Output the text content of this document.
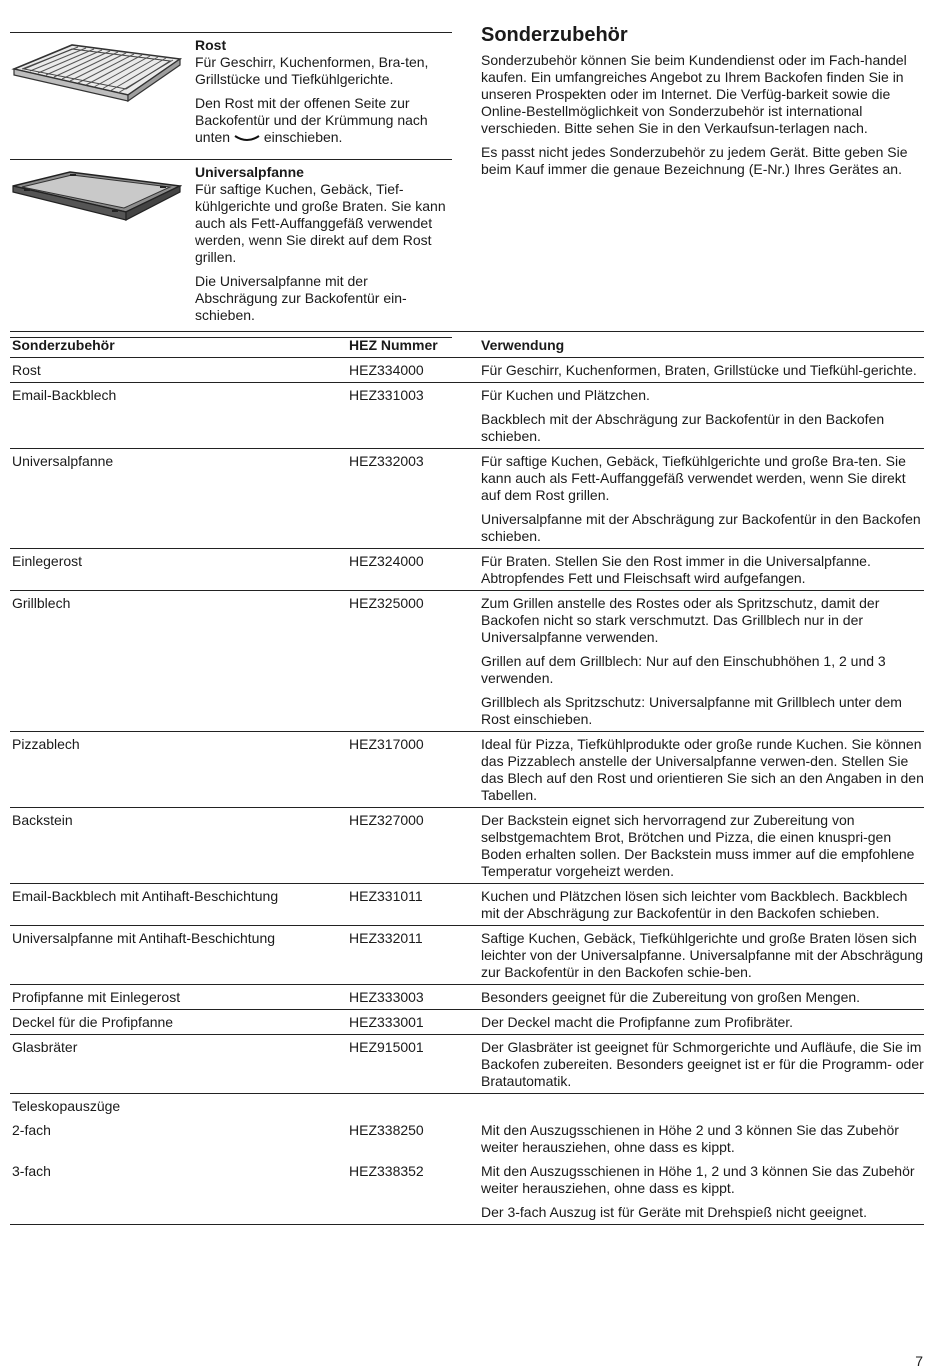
Rost

Für Geschirr, Kuchenformen, Bra-ten, Grillstücke und Tiefkühlgerichte.

Den Rost mit der offenen Seite zur Backofentür und der Krümmung nach unten einschieben.

Universalpfanne

Für saftige Kuchen, Gebäck, Tief-kühlgerichte und große Braten. Sie kann auch als Fett-Auffanggefäß verwendet werden, wenn Sie direkt auf dem Rost grillen.

Die Universalpfanne mit der Abschrägung zur Backofentür ein-schieben.

Sonderzubehör

Sonderzubehör können Sie beim Kundendienst oder im Fach-handel kaufen. Ein umfangreiches Angebot zu Ihrem Backofen finden Sie in unseren Prospekten oder im Internet. Die Verfüg-barkeit sowie die Online-Bestellmöglichkeit von Sonderzubehör ist international verschieden. Bitte sehen Sie in den Verkaufsun-terlagen nach.

Es passt nicht jedes Sonderzubehör zu jedem Gerät. Bitte geben Sie beim Kauf immer die genaue Bezeichnung (E-Nr.) Ihres Gerätes an.

Sonderzubehör	HEZ Nummer	Verwendung
Rost	HEZ334000	Für Geschirr, Kuchenformen, Braten, Grillstücke und Tiefkühl-gerichte.

Email-Backblech	HEZ331003	Für Kuchen und Plätzchen.

Backblech mit der Abschrägung zur Backofentür in den Backofen schieben.

Universalpfanne	HEZ332003	Für saftige Kuchen, Gebäck, Tiefkühlgerichte und große Bra-ten. Sie kann auch als Fett-Auffanggefäß verwendet werden, wenn Sie direkt auf dem Rost grillen.

Universalpfanne mit der Abschrägung zur Backofentür in den Backofen schieben.

Einlegerost	HEZ324000	Für Braten. Stellen Sie den Rost immer in die Universalpfanne. Abtropfendes Fett und Fleischsaft wird aufgefangen.

Grillblech	HEZ325000	Zum Grillen anstelle des Rostes oder als Spritzschutz, damit der Backofen nicht so stark verschmutzt. Das Grillblech nur in der Universalpfanne verwenden.

Grillen auf dem Grillblech: Nur auf den Einschubhöhen 1, 2 und 3 verwenden.

Grillblech als Spritzschutz: Universalpfanne mit Grillblech unter dem Rost einschieben.

Pizzablech	HEZ317000	Ideal für Pizza, Tiefkühlprodukte oder große runde Kuchen. Sie können das Pizzablech anstelle der Universalpfanne verwen-den. Stellen Sie das Blech auf den Rost und orientieren Sie sich an den Angaben in den Tabellen.

Backstein	HEZ327000	Der Backstein eignet sich hervorragend zur Zubereitung von selbstgemachtem Brot, Brötchen und Pizza, die einen knuspri-gen Boden erhalten sollen. Der Backstein muss immer auf die empfohlene Temperatur vorgeheizt werden.

Email-Backblech mit Antihaft-Beschichtung	HEZ331011	Kuchen und Plätzchen lösen sich leichter vom Backblech. Backblech mit der Abschrägung zur Backofentür in den Backofen schieben.

Universalpfanne mit Antihaft-Beschichtung	HEZ332011	Saftige Kuchen, Gebäck, Tiefkühlgerichte und große Braten lösen sich leichter von der Universalpfanne. Universalpfanne mit der Abschrägung zur Backofentür in den Backofen schie-ben.

Profipfanne mit Einlegerost	HEZ333003	Besonders geeignet für die Zubereitung von großen Mengen.

Deckel für die Profipfanne	HEZ333001	Der Deckel macht die Profipfanne zum Profibräter.

Glasbräter	HEZ915001	Der Glasbräter ist geeignet für Schmorgerichte und Aufläufe, die Sie im Backofen zubereiten. Besonders geeignet ist er für die Programm- oder Bratautomatik.

Teleskopauszüge

2-fach	HEZ338250	Mit den Auszugsschienen in Höhe 2 und 3 können Sie das Zubehör weiter herausziehen, ohne dass es kippt.

3-fach	HEZ338352	Mit den Auszugsschienen in Höhe 1, 2 und 3 können Sie das Zubehör weiter herausziehen, ohne dass es kippt.

Der 3-fach Auszug ist für Geräte mit Drehspieß nicht geeignet.

7
